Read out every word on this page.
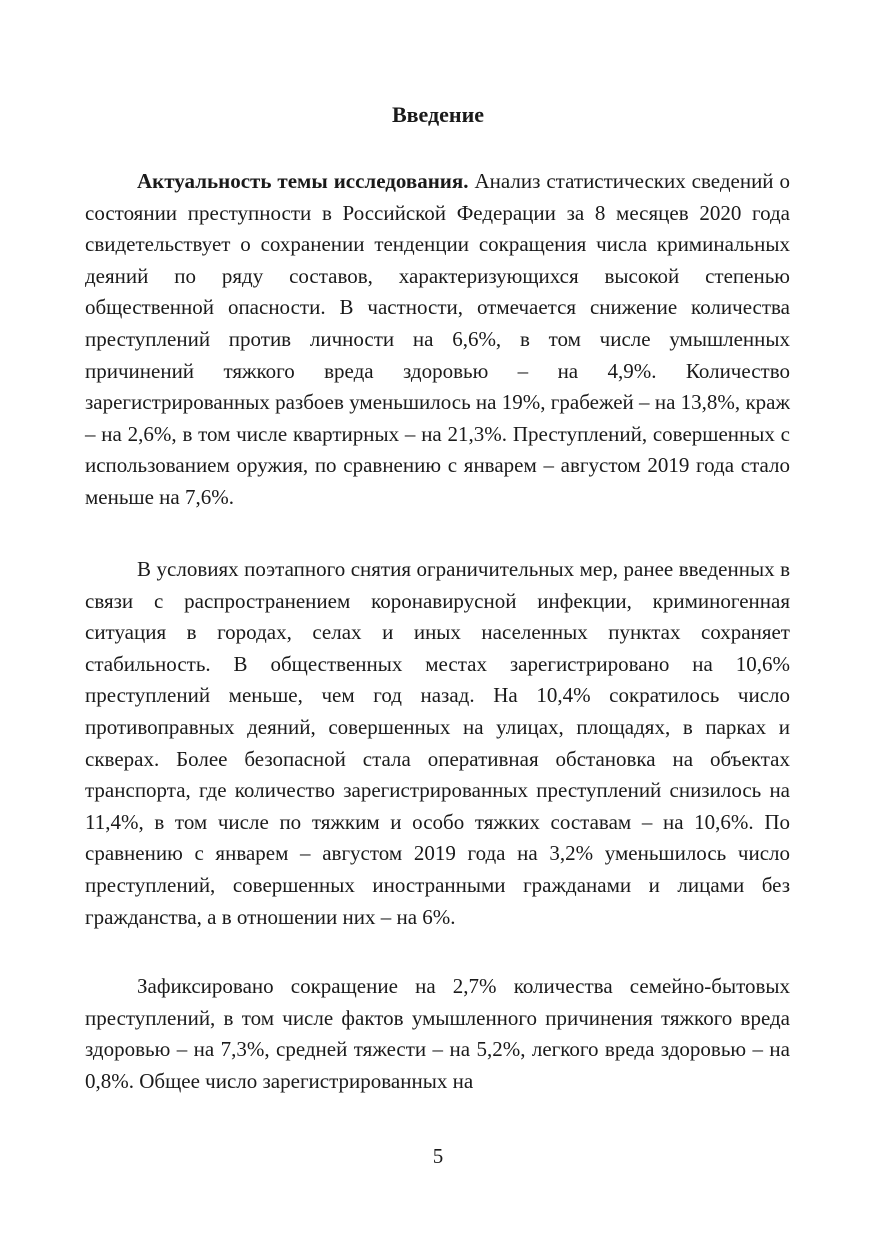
Введение

Актуальность темы исследования. Анализ статистических сведений о состоянии преступности в Российской Федерации за 8 месяцев 2020 года свидетельствует о сохранении тенденции сокращения числа криминальных деяний по ряду составов, характеризующихся высокой степенью общественной опасности. В частности, отмечается снижение количества преступлений против личности на 6,6%, в том числе умышленных причинений тяжкого вреда здоровью – на 4,9%. Количество зарегистрированных разбоев уменьшилось на 19%, грабежей – на 13,8%, краж – на 2,6%, в том числе квартирных – на 21,3%. Преступлений, совершенных с использованием оружия, по сравнению с январем – августом 2019 года стало меньше на 7,6%.

В условиях поэтапного снятия ограничительных мер, ранее введенных в связи с распространением коронавирусной инфекции, криминогенная ситуация в городах, селах и иных населенных пунктах сохраняет стабильность. В общественных местах зарегистрировано на 10,6% преступлений меньше, чем год назад. На 10,4% сократилось число противоправных деяний, совершенных на улицах, площадях, в парках и скверах. Более безопасной стала оперативная обстановка на объектах транспорта, где количество зарегистрированных преступлений снизилось на 11,4%, в том числе по тяжким и особо тяжких составам – на 10,6%. По сравнению с январем – августом 2019 года на 3,2% уменьшилось число преступлений, совершенных иностранными гражданами и лицами без гражданства, а в отношении них – на 6%.

Зафиксировано сокращение на 2,7% количества семейно-бытовых преступлений, в том числе фактов умышленного причинения тяжкого вреда здоровью – на 7,3%, средней тяжести – на 5,2%, легкого вреда здоровью – на 0,8%. Общее число зарегистрированных на

5
